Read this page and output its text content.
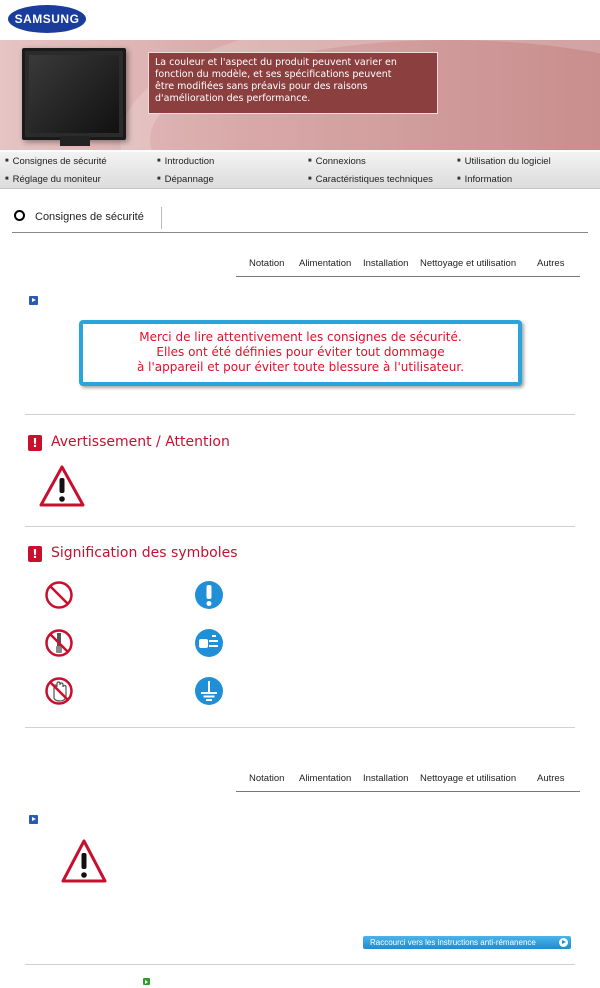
SAMSUNG
La couleur et l'aspect du produit peuvent varier en
fonction du modèle, et ses spécifications peuvent
être modifiées sans préavis pour des raisons
d'amélioration des performance.
■ Consignes de sécurité	■ Introduction	■ Connexions	■ Utilisation du logiciel
■ Réglage du moniteur	■ Dépannage	■ Caractéristiques techniques	■ Information
Consignes de sécurité
Notation Alimentation Installation Nettoyage et utilisation Autres
Merci de lire attentivement les consignes de sécurité.
Elles ont été définies pour éviter tout dommage
à l'appareil et pour éviter toute blessure à l'utilisateur.
! Avertissement / Attention
! Signification des symboles
Notation Alimentation Installation Nettoyage et utilisation Autres
Raccourci vers les instructions anti-rémanence
